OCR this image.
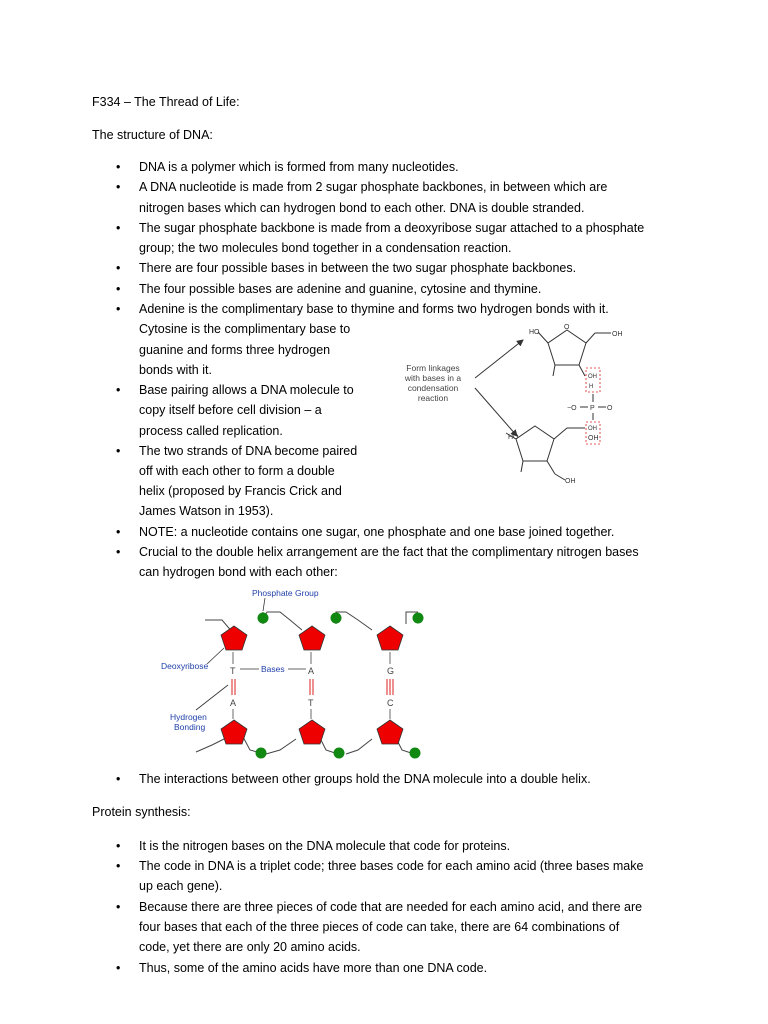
F334 – The Thread of Life:
The structure of DNA:
•
•
•
•
•
•
•
•
•
•
•
DNA is a polymer which is formed from many nucleotides.
A DNA nucleotide is made from 2 sugar phosphate backbones, in between which are
nitrogen bases which can hydrogen bond to each other. DNA is double stranded.
The sugar phosphate backbone is made from a deoxyribose sugar attached to a phosphate
group; the two molecules bond together in a condensation reaction.
There are four possible bases in between the two sugar phosphate backbones.
The four possible bases are adenine and guanine, cytosine and thymine.
Adenine is the complimentary base to thymine and forms two hydrogen bonds with it.
Cytosine is the complimentary base to
guanine and forms three hydrogen
bonds with it.
Base pairing allows a DNA molecule to
copy itself before cell division – a
process called replication.
The two strands of DNA become paired
off with each other to form a double
helix (proposed by Francis Crick and
James Watson in 1953).
NOTE: a nucleotide contains one sugar, one phosphate and one base joined together.
Crucial to the double helix arrangement are the fact that the complimentary nitrogen bases
can hydrogen bond with each other:
The interactions between other groups hold the DNA molecule into a double helix.
Form linkages
with bases in a
condensation
reaction
HO	OH
O
OH
H
P
−O	O
OH
HO	OH
OH
Phosphate Group
Deoxyribose	Bases
Hydrogen
Bonding
T	A	G
A	T	C
Protein synthesis:
•
•
•
•
It is the nitrogen bases on the DNA molecule that code for proteins.
The code in DNA is a triplet code; three bases code for each amino acid (three bases make
up each gene).
Because there are three pieces of code that are needed for each amino acid, and there are
four bases that each of the three pieces of code can take, there are 64 combinations of
code, yet there are only 20 amino acids.
Thus, some of the amino acids have more than one DNA code.
